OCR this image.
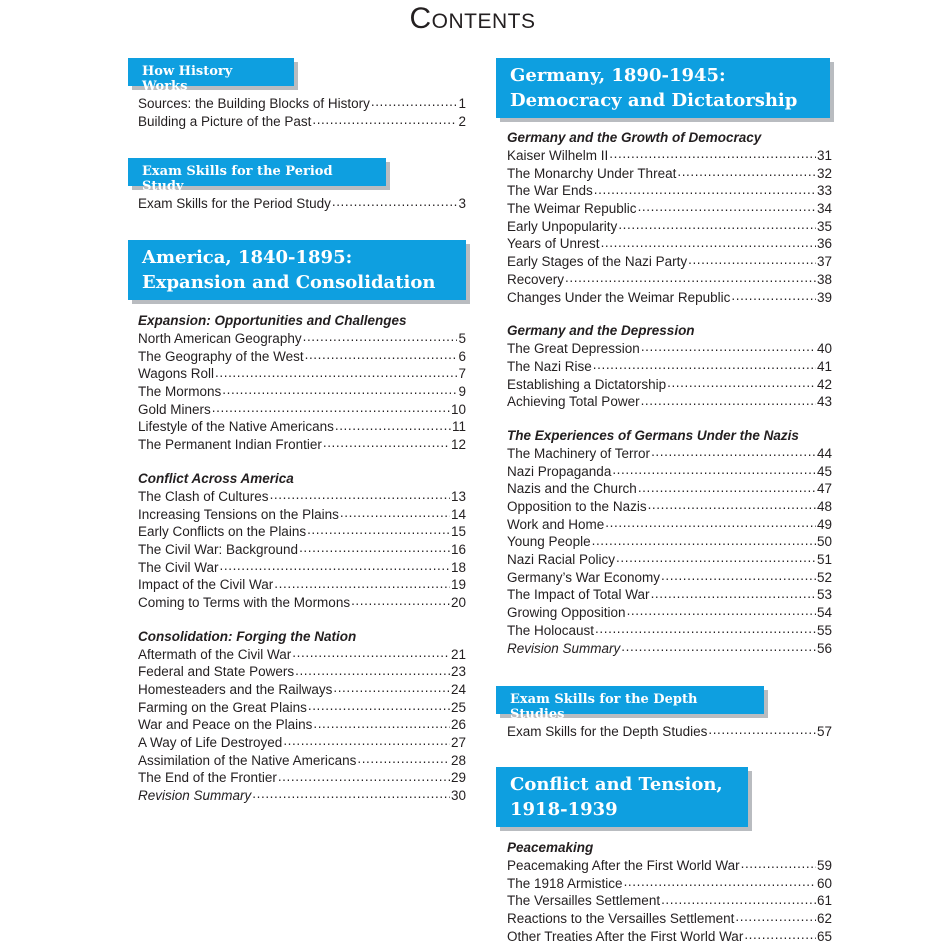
Contents
How History Works
Sources: the Building Blocks of History .....	1
Building a Picture of the Past .....	2
Exam Skills for the Period Study
Exam Skills for the Period Study .....	3
America, 1840-1895:
Expansion and Consolidation
Expansion: Opportunities and Challenges
North American Geography .....	5
The Geography of the West .....	6
Wagons Roll .....	7
The Mormons .....	9
Gold Miners .....	10
Lifestyle of the Native Americans .....	11
The Permanent Indian Frontier .....	12
Conflict Across America
The Clash of Cultures .....	13
Increasing Tensions on the Plains .....	14
Early Conflicts on the Plains .....	15
The Civil War: Background .....	16
The Civil War .....	18
Impact of the Civil War .....	19
Coming to Terms with the Mormons .....	20
Consolidation: Forging the Nation
Aftermath of the Civil War .....	21
Federal and State Powers .....	23
Homesteaders and the Railways .....	24
Farming on the Great Plains .....	25
War and Peace on the Plains .....	26
A Way of Life Destroyed .....	27
Assimilation of the Native Americans .....	28
The End of the Frontier .....	29
Revision Summary .....	30
Germany, 1890-1945:
Democracy and Dictatorship
Germany and the Growth of Democracy
Kaiser Wilhelm II .....	31
The Monarchy Under Threat .....	32
The War Ends .....	33
The Weimar Republic .....	34
Early Unpopularity .....	35
Years of Unrest .....	36
Early Stages of the Nazi Party .....	37
Recovery .....	38
Changes Under the Weimar Republic .....	39
Germany and the Depression
The Great Depression .....	40
The Nazi Rise .....	41
Establishing a Dictatorship .....	42
Achieving Total Power .....	43
The Experiences of Germans Under the Nazis
The Machinery of Terror .....	44
Nazi Propaganda .....	45
Nazis and the Church .....	47
Opposition to the Nazis .....	48
Work and Home .....	49
Young People .....	50
Nazi Racial Policy .....	51
Germany’s War Economy .....	52
The Impact of Total War .....	53
Growing Opposition .....	54
The Holocaust .....	55
Revision Summary .....	56
Exam Skills for the Depth Studies
Exam Skills for the Depth Studies .....	57
Conflict and Tension,
1918-1939
Peacemaking
Peacemaking After the First World War .....	59
The 1918 Armistice .....	60
The Versailles Settlement .....	61
Reactions to the Versailles Settlement .....	62
Other Treaties After the First World War .....	65
